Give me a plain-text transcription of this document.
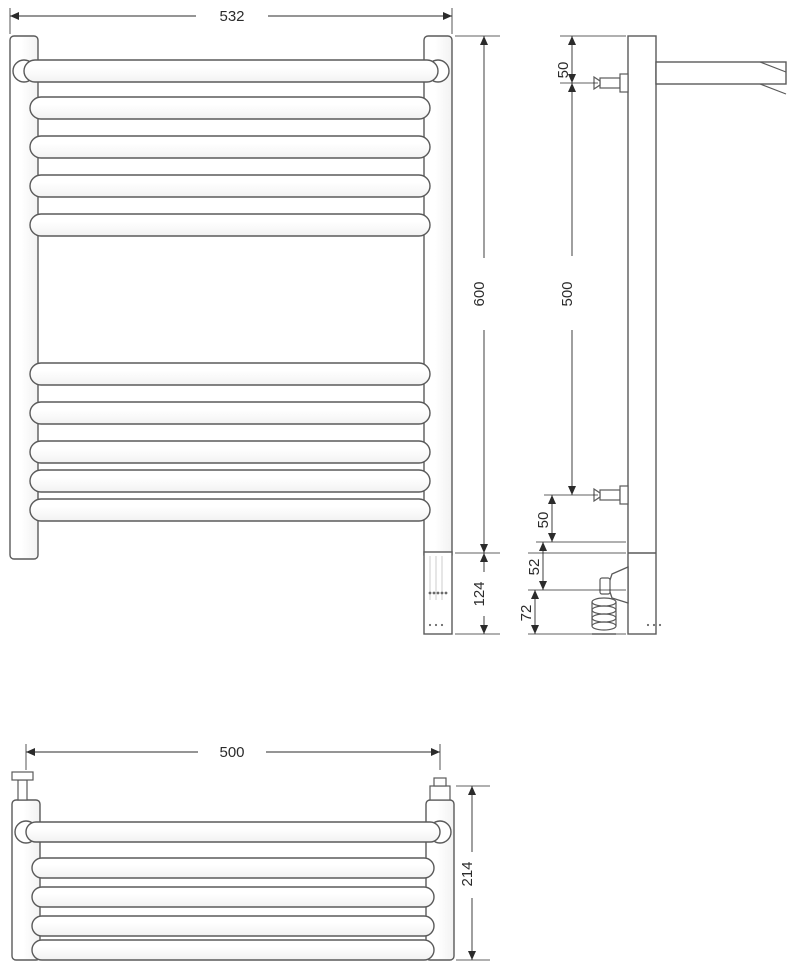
532
600
124
50
500
50
52
72
500
214
